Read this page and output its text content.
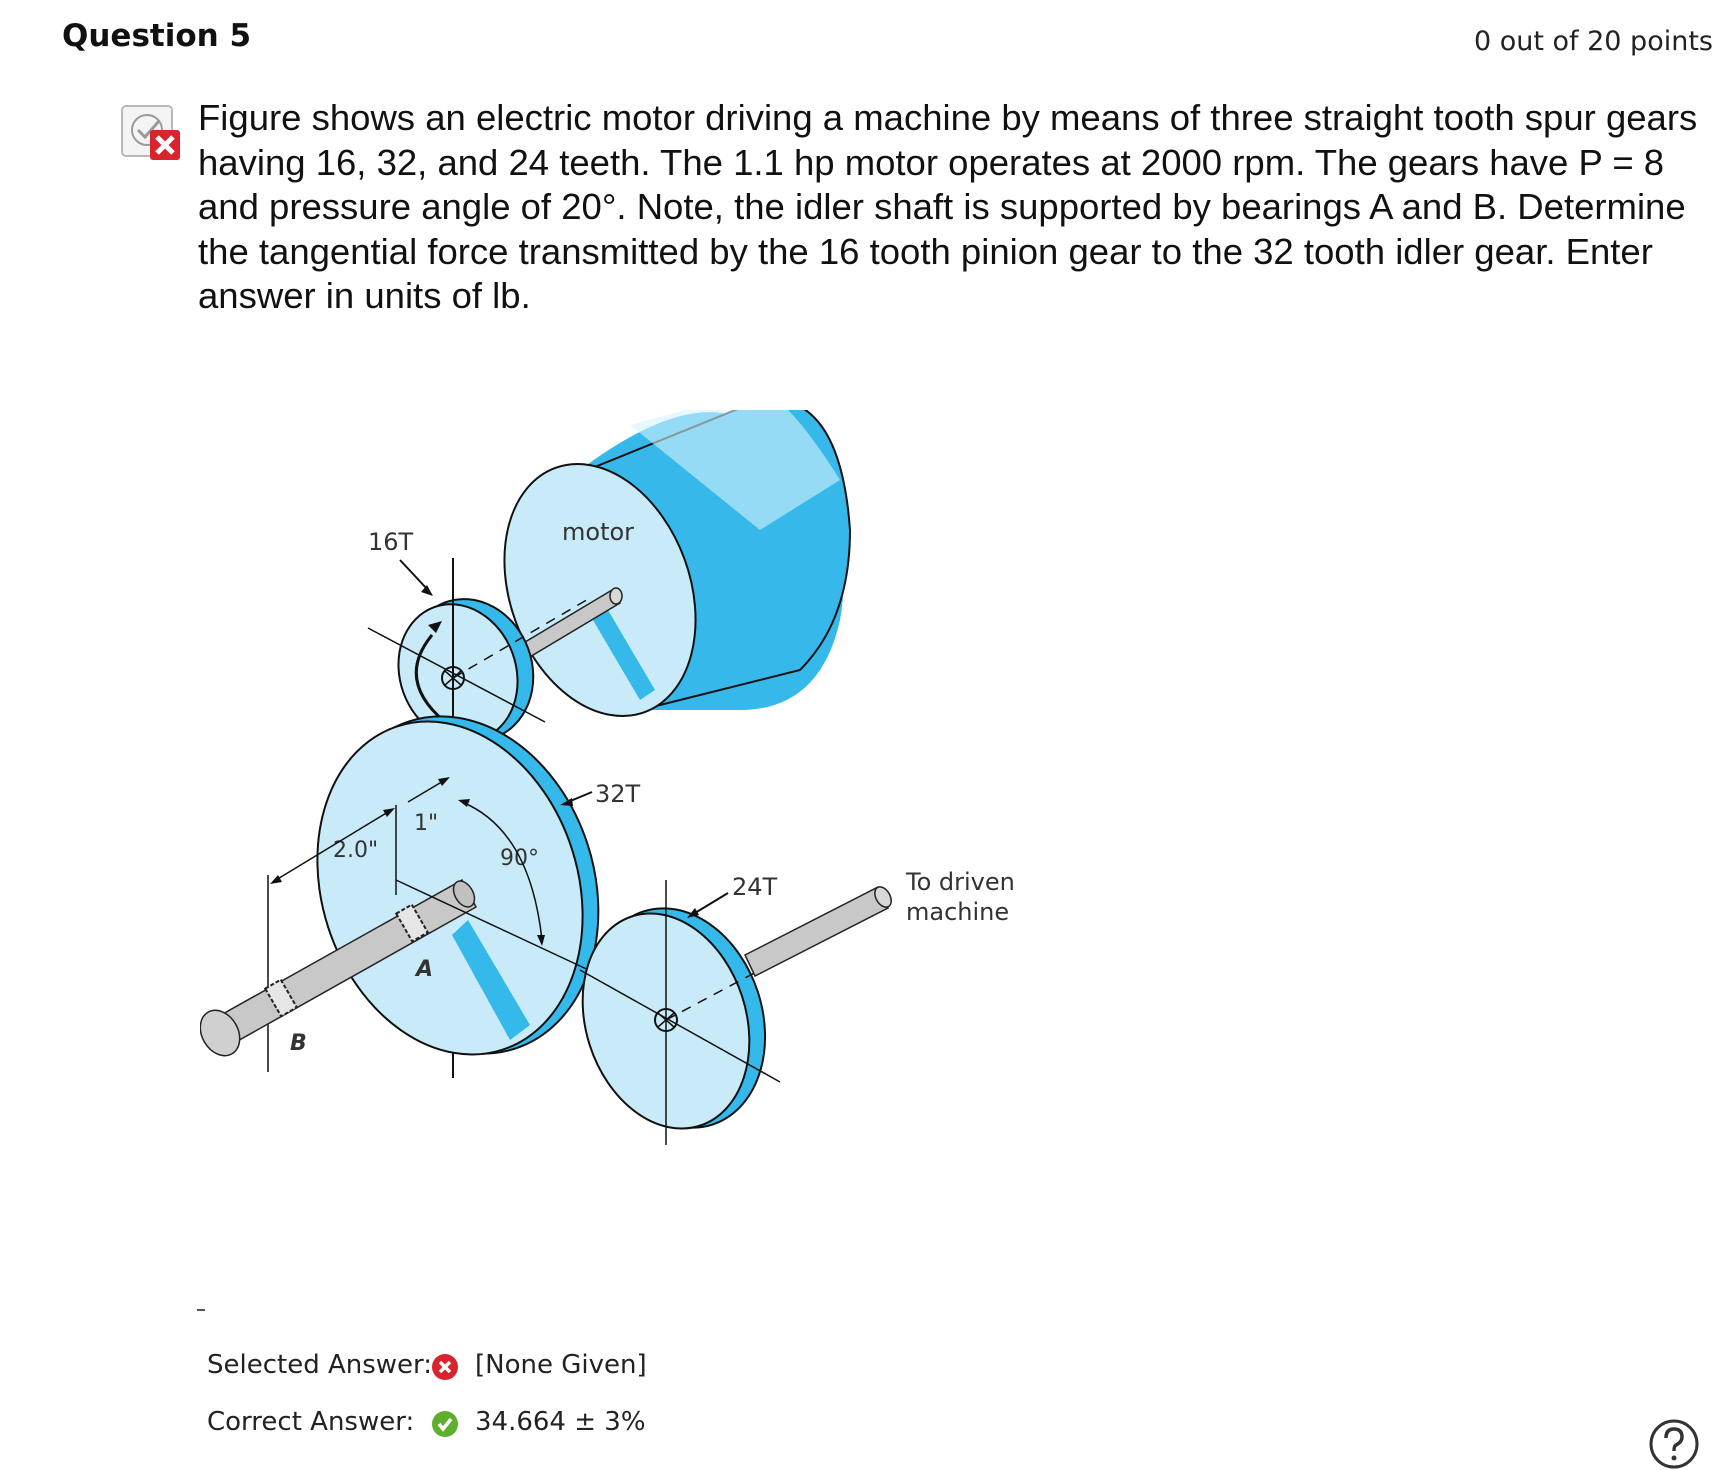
Question 5	0 out of 20 points
Figure shows an electric motor driving a machine by means of three straight tooth spur gears having 16, 32, and 24 teeth. The 1.1 hp motor operates at 2000 rpm. The gears have P = 8 and pressure angle of 20°. Note, the idler shaft is supported by bearings A and B. Determine the tangential force transmitted by the 16 tooth pinion gear to the 32 tooth idler gear. Enter answer in units of lb.
motor
16T
32T
2.0"
1"
90°
A
B
24T	To driven
machine
Selected Answer: [None Given]
Correct Answer: 34.664 ± 3%
